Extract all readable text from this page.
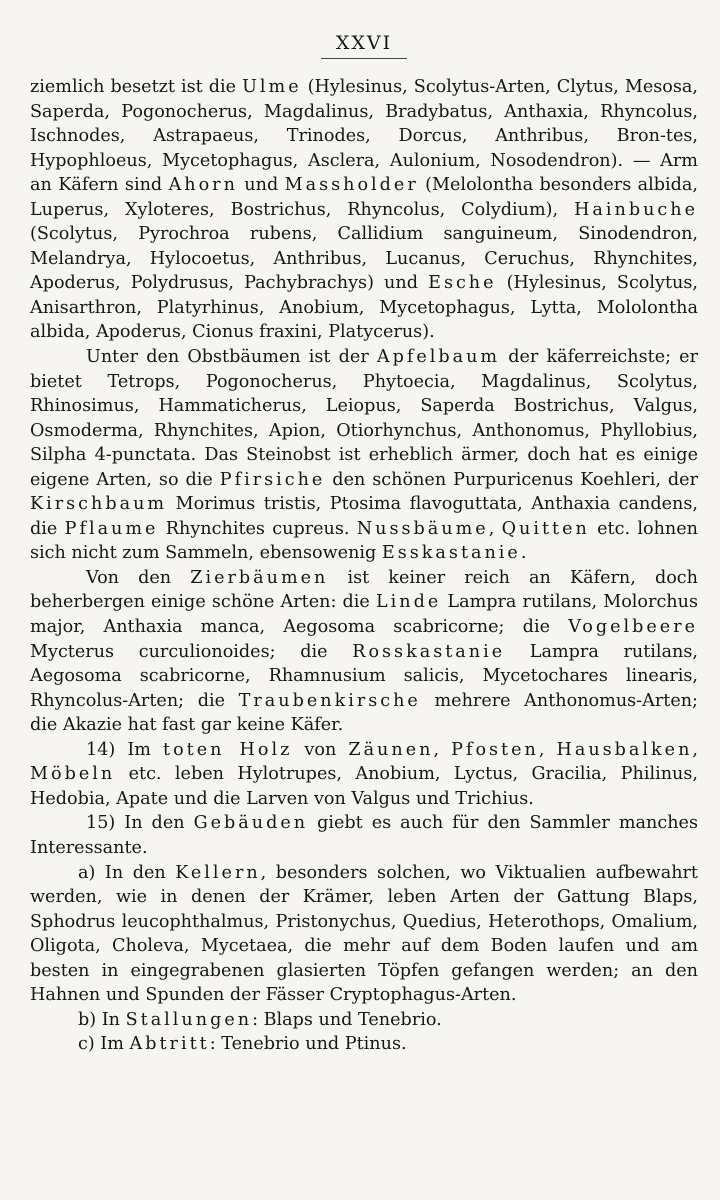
XXVI

ziemlich besetzt ist die Ulme (Hylesinus, Scolytus-Arten, Clytus, Mesosa, Saperda, Pogonocherus, Magdalinus, Bradybatus, Anthaxia, Rhyncolus, Ischnodes, Astrapaeus, Trinodes, Dorcus, Anthribus, Bron-tes, Hypophloeus, Mycetophagus, Asclera, Aulonium, Nosodendron). — Arm an Käfern sind Ahorn und Massholder (Melolontha besonders albida, Luperus, Xyloteres, Bostrichus, Rhyncolus, Colydium), Hainbuche (Scolytus, Pyrochroa rubens, Callidium sanguineum, Sinodendron, Melandrya, Hylocoetus, Anthribus, Lucanus, Ceruchus, Rhynchites, Apoderus, Polydrusus, Pachybrachys) und Esche (Hylesinus, Scolytus, Anisarthron, Platyrhinus, Anobium, Mycetophagus, Lytta, Mololontha albida, Apoderus, Cionus fraxini, Platycerus).

Unter den Obstbäumen ist der Apfelbaum der käferreichste; er bietet Tetrops, Pogonocherus, Phytoecia, Magdalinus, Scolytus, Rhinosimus, Hammaticherus, Leiopus, Saperda Bostrichus, Valgus, Osmoderma, Rhynchites, Apion, Otiorhynchus, Anthonomus, Phyllobius, Silpha 4-punctata. Das Steinobst ist erheblich ärmer, doch hat es einige eigene Arten, so die Pfirsiche den schönen Purpuricenus Koehleri, der Kirschbaum Morimus tristis, Ptosima flavoguttata, Anthaxia candens, die Pflaume Rhynchites cupreus. Nussbäume, Quitten etc. lohnen sich nicht zum Sammeln, ebensowenig Esskastanie.

Von den Zierbäumen ist keiner reich an Käfern, doch beherbergen einige schöne Arten: die Linde Lampra rutilans, Molorchus major, Anthaxia manca, Aegosoma scabricorne; die Vogelbeere Mycterus curculionoides; die Rosskastanie Lampra rutilans, Aegosoma scabricorne, Rhamnusium salicis, Mycetochares linearis, Rhyncolus-Arten; die Traubenkirsche mehrere Anthonomus-Arten; die Akazie hat fast gar keine Käfer.

14) Im toten Holz von Zäunen, Pfosten, Hausbalken, Möbeln etc. leben Hylotrupes, Anobium, Lyctus, Gracilia, Philinus, Hedobia, Apate und die Larven von Valgus und Trichius.

15) In den Gebäuden giebt es auch für den Sammler manches Interessante.

a) In den Kellern, besonders solchen, wo Viktualien aufbewahrt werden, wie in denen der Krämer, leben Arten der Gattung Blaps, Sphodrus leucophthalmus, Pristonychus, Quedius, Heterothops, Omalium, Oligota, Choleva, Mycetaea, die mehr auf dem Boden laufen und am besten in eingegrabenen glasierten Töpfen gefangen werden; an den Hahnen und Spunden der Fässer Cryptophagus-Arten.

b) In Stallungen: Blaps und Tenebrio.

c) Im Abtritt: Tenebrio und Ptinus.
